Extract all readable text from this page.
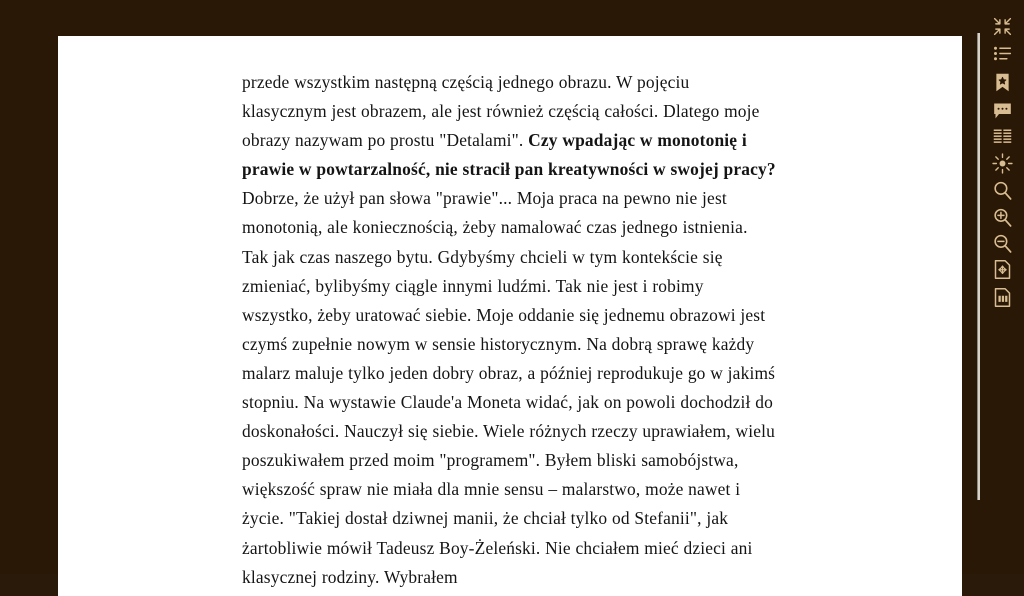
przede wszystkim następną częścią jednego obrazu. W pojęciu klasycznym jest obrazem, ale jest również częścią całości. Dlatego moje obrazy nazywam po prostu "Detalami". Czy wpadając w monotonię i prawie w powtarzalność, nie stracił pan kreatywności w swojej pracy? Dobrze, że użył pan słowa "prawie"... Moja praca na pewno nie jest monotonią, ale koniecznością, żeby namalować czas jednego istnienia. Tak jak czas naszego bytu. Gdybyśmy chcieli w tym kontekście się zmieniać, bylibyśmy ciągle innymi ludźmi. Tak nie jest i robimy wszystko, żeby uratować siebie. Moje oddanie się jednemu obrazowi jest czymś zupełnie nowym w sensie historycznym. Na dobrą sprawę każdy malarz maluje tylko jeden dobry obraz, a później reprodukuje go w jakimś stopniu. Na wystawie Claude'a Moneta widać, jak on powoli dochodził do doskonałości. Nauczył się siebie. Wiele różnych rzeczy uprawiałem, wielu poszukiwałem przed moim "programem". Byłem bliski samobójstwa, większość spraw nie miała dla mnie sensu – malarstwo, może nawet i życie. "Takiej dostał dziwnej manii, że chciał tylko od Stefanii", jak żartobliwie mówił Tadeusz Boy-Żeleński. Nie chciałem mieć dzieci ani klasycznej rodziny. Wybrałem
